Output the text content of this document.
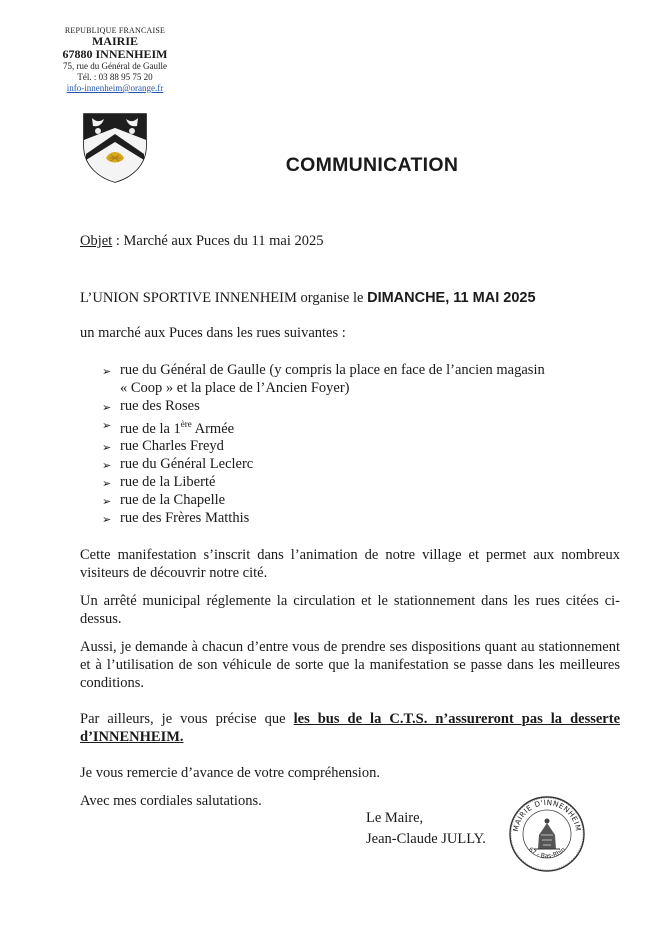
REPUBLIQUE FRANCAISE
MAIRIE
67880 INNENHEIM
75, rue du Général de Gaulle
Tél. : 03 88 95 75 20
info-innenheim@orange.fr
COMMUNICATION

Objet : Marché aux Puces du 11 mai 2025

L’UNION SPORTIVE INNENHEIM organise le DIMANCHE, 11 MAI 2025

un marché aux Puces dans les rues suivantes :

➢ rue du Général de Gaulle (y compris la place en face de l’ancien magasin
« Coop » et la place de l’Ancien Foyer)
➢ rue des Roses
➢ rue de la 1ère Armée
➢ rue Charles Freyd
➢ rue du Général Leclerc
➢ rue de la Liberté
➢ rue de la Chapelle
➢ rue des Frères Matthis

Cette manifestation s’inscrit dans l’animation de notre village et permet aux nombreux visiteurs de découvrir notre cité.

Un arrêté municipal réglemente la circulation et le stationnement dans les rues citées ci-dessus.

Aussi, je demande à chacun d’entre vous de prendre ses dispositions quant au stationnement et à l’utilisation de son véhicule de sorte que la manifestation se passe dans les meilleures conditions.

Par ailleurs, je vous précise que les bus de la C.T.S. n’assureront pas la desserte d’INNENHEIM.

Je vous remercie d’avance de votre compréhension.

Avec mes cordiales salutations.

Le Maire,
Jean-Claude JULLY.
MAIRIE D'INNENHEIM
67 - Bas-Rhin
